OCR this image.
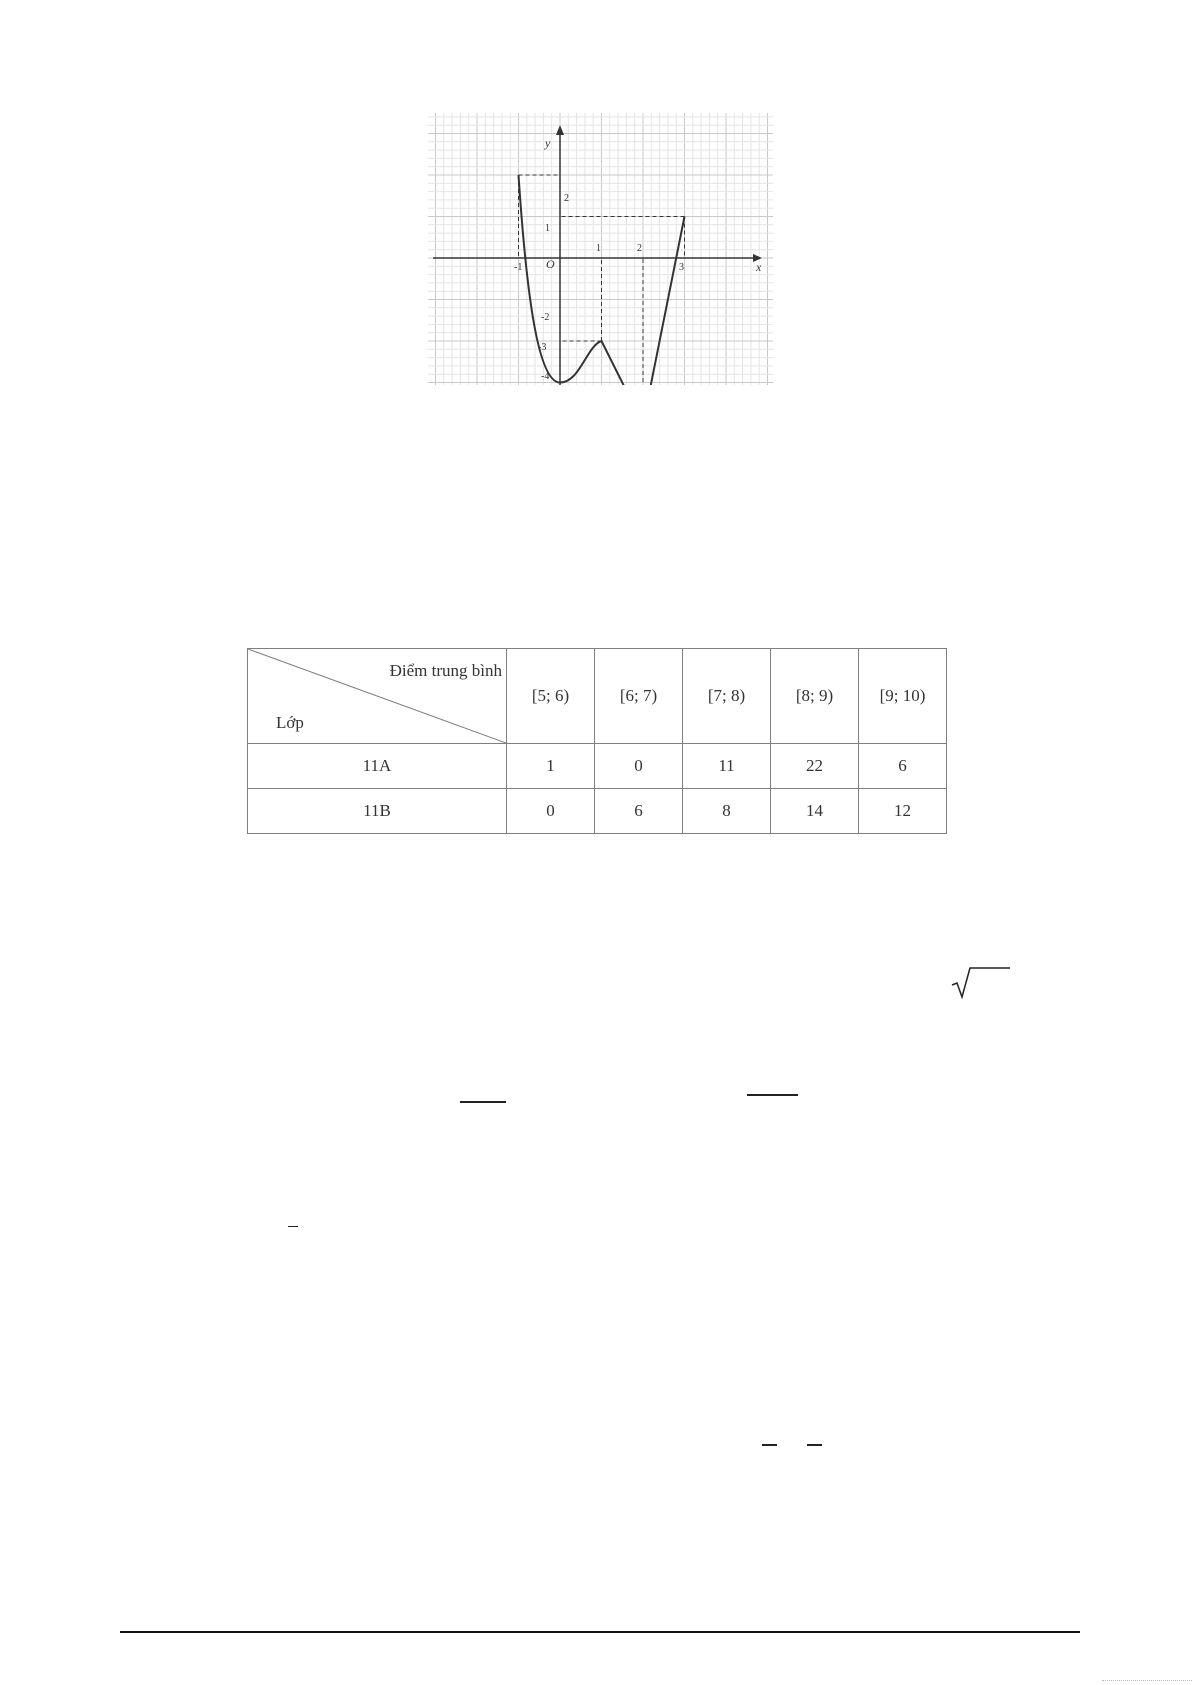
x
y
O
-1
1	2
3
2
1
-2
-3
-4
Điểm trung bình
Lớp	[5; 6)	[6; 7)	[7; 8)	[8; 9)	[9; 10)
11A	1	0	11	22	6
11B	0	6	8	14	12
